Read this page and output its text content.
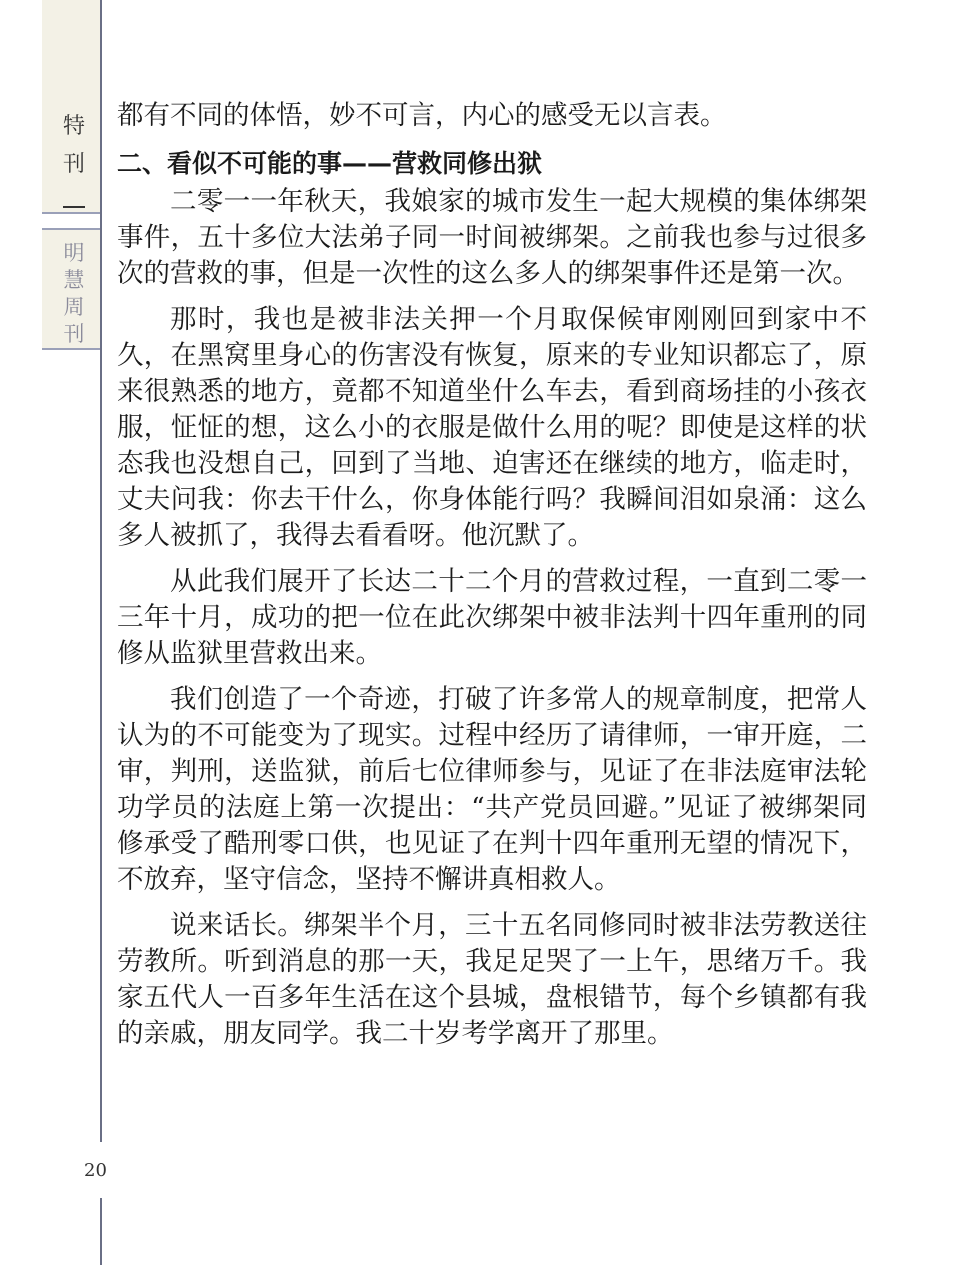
特刊
明慧周刊
20

都有不同的体悟，妙不可言，内心的感受无以言表。

二、看似不可能的事——营救同修出狱

二零一一年秋天，我娘家的城市发生一起大规模的集体绑架事件，五十多位大法弟子同一时间被绑架。之前我也参与过很多次的营救的事，但是一次性的这么多人的绑架事件还是第一次。

那时，我也是被非法关押一个月取保候审刚刚回到家中不久，在黑窝里身心的伤害没有恢复，原来的专业知识都忘了，原来很熟悉的地方，竟都不知道坐什么车去，看到商场挂的小孩衣服，怔怔的想，这么小的衣服是做什么用的呢？即使是这样的状态我也没想自己，回到了当地、迫害还在继续的地方，临走时，丈夫问我：你去干什么，你身体能行吗？我瞬间泪如泉涌：这么多人被抓了，我得去看看呀。他沉默了。

从此我们展开了长达二十二个月的营救过程，一直到二零一三年十月，成功的把一位在此次绑架中被非法判十四年重刑的同修从监狱里营救出来。

我们创造了一个奇迹，打破了许多常人的规章制度，把常人认为的不可能变为了现实。过程中经历了请律师，一审开庭，二审，判刑，送监狱，前后七位律师参与，见证了在非法庭审法轮功学员的法庭上第一次提出：“共产党员回避。”见证了被绑架同修承受了酷刑零口供，也见证了在判十四年重刑无望的情况下，不放弃，坚守信念，坚持不懈讲真相救人。

说来话长。绑架半个月，三十五名同修同时被非法劳教送往劳教所。听到消息的那一天，我足足哭了一上午，思绪万千。我家五代人一百多年生活在这个县城，盘根错节，每个乡镇都有我的亲戚，朋友同学。我二十岁考学离开了那里。
